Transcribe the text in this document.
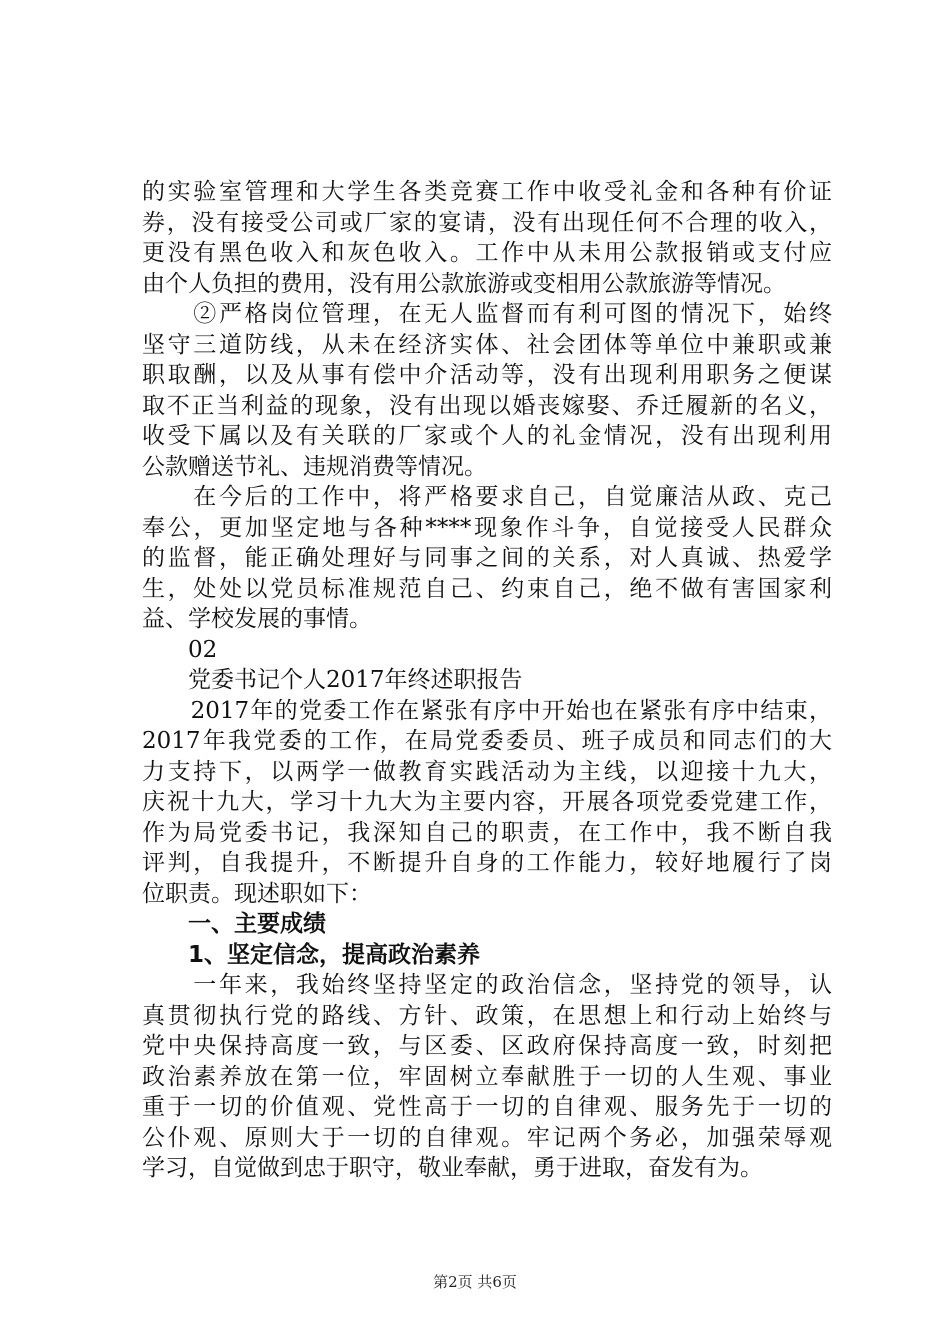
的实验室管理和大学生各类竞赛工作中收受礼金和各种有价证
券，没有接受公司或厂家的宴请，没有出现任何不合理的收入，
更没有黑色收入和灰色收入。工作中从未用公款报销或支付应
由个人负担的费用，没有用公款旅游或变相用公款旅游等情况。
　　②严格岗位管理，在无人监督而有利可图的情况下，始终
坚守三道防线，从未在经济实体、社会团体等单位中兼职或兼
职取酬，以及从事有偿中介活动等，没有出现利用职务之便谋
取不正当利益的现象，没有出现以婚丧嫁娶、乔迁履新的名义，
收受下属以及有关联的厂家或个人的礼金情况，没有出现利用
公款赠送节礼、违规消费等情况。
　　在今后的工作中，将严格要求自己，自觉廉洁从政、克己
奉公，更加坚定地与各种****现象作斗争，自觉接受人民群众
的监督，能正确处理好与同事之间的关系，对人真诚、热爱学
生，处处以党员标准规范自己、约束自己，绝不做有害国家利
益、学校发展的事情。
　　02
　　党委书记个人2017年终述职报告
　　2017年的党委工作在紧张有序中开始也在紧张有序中结束，
2017年我党委的工作，在局党委委员、班子成员和同志们的大
力支持下，以两学一做教育实践活动为主线，以迎接十九大，
庆祝十九大，学习十九大为主要内容，开展各项党委党建工作，
作为局党委书记，我深知自己的职责，在工作中，我不断自我
评判，自我提升，不断提升自身的工作能力，较好地履行了岗
位职责。现述职如下：
　　一、主要成绩
　　1、坚定信念，提高政治素养
　　一年来，我始终坚持坚定的政治信念，坚持党的领导，认
真贯彻执行党的路线、方针、政策，在思想上和行动上始终与
党中央保持高度一致，与区委、区政府保持高度一致，时刻把
政治素养放在第一位，牢固树立奉献胜于一切的人生观、事业
重于一切的价值观、党性高于一切的自律观、服务先于一切的
公仆观、原则大于一切的自律观。牢记两个务必，加强荣辱观
学习，自觉做到忠于职守，敬业奉献，勇于进取，奋发有为。
第2页 共6页
